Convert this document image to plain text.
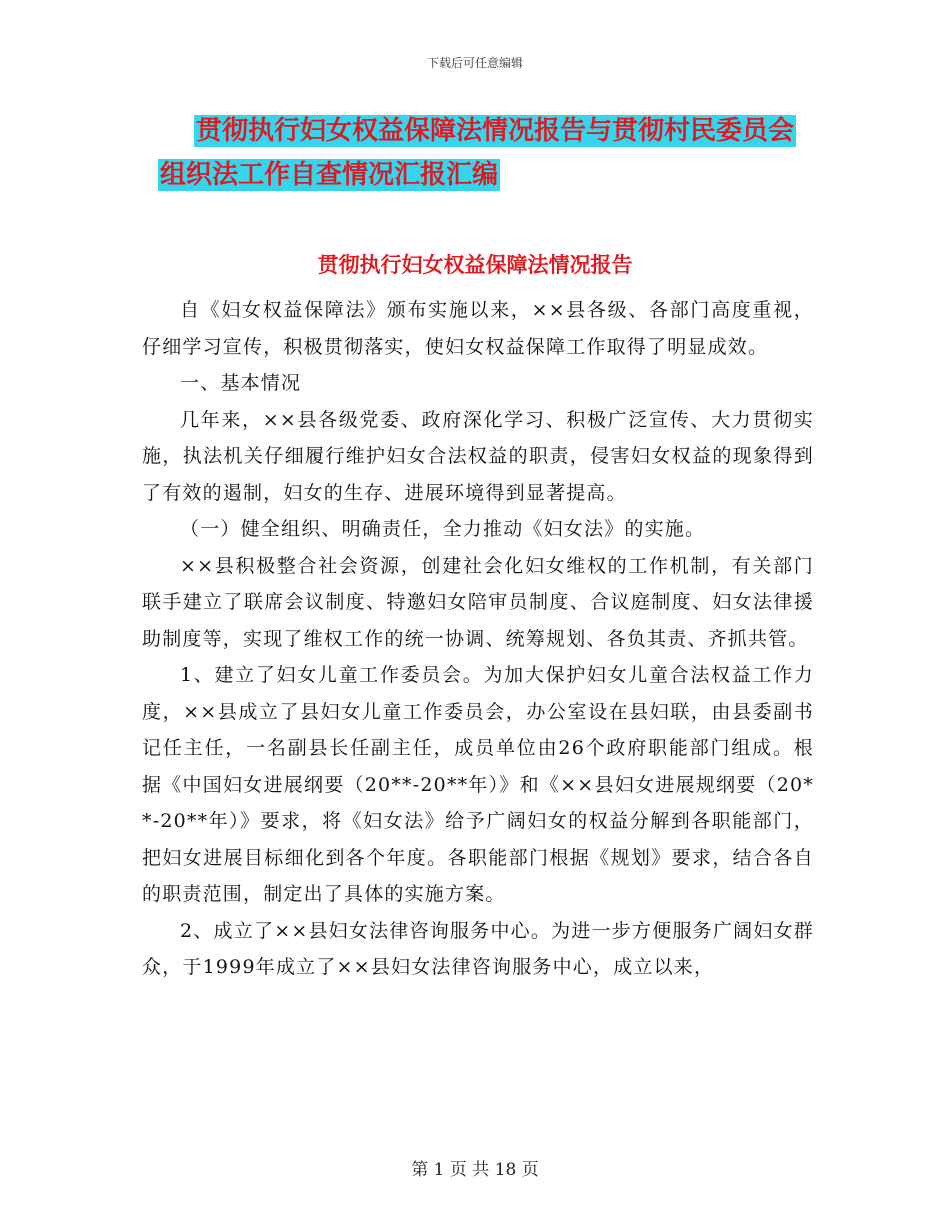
下载后可任意编辑
贯彻执行妇女权益保障法情况报告与贯彻村民委员会
组织法工作自查情况汇报汇编
贯彻执行妇女权益保障法情况报告

自《妇女权益保障法》颁布实施以来，××县各级、各部门高度重视，仔细学习宣传，积极贯彻落实，使妇女权益保障工作取得了明显成效。

一、基本情况

几年来，××县各级党委、政府深化学习、积极广泛宣传、大力贯彻实施，执法机关仔细履行维护妇女合法权益的职责，侵害妇女权益的现象得到了有效的遏制，妇女的生存、进展环境得到显著提高。

（一）健全组织、明确责任，全力推动《妇女法》的实施。

××县积极整合社会资源，创建社会化妇女维权的工作机制，有关部门联手建立了联席会议制度、特邀妇女陪审员制度、合议庭制度、妇女法律援助制度等，实现了维权工作的统一协调、统筹规划、各负其责、齐抓共管。

1、建立了妇女儿童工作委员会。为加大保护妇女儿童合法权益工作力度，××县成立了县妇女儿童工作委员会，办公室设在县妇联，由县委副书记任主任，一名副县长任副主任，成员单位由26个政府职能部门组成。根据《中国妇女进展纲要（20**-20**年）》和《××县妇女进展规纲要（20**-20**年）》要求，将《妇女法》给予广阔妇女的权益分解到各职能部门，把妇女进展目标细化到各个年度。各职能部门根据《规划》要求，结合各自的职责范围，制定出了具体的实施方案。

2、成立了××县妇女法律咨询服务中心。为进一步方便服务广阔妇女群众，于1999年成立了××县妇女法律咨询服务中心，成立以来，

第 1 页 共 18 页
